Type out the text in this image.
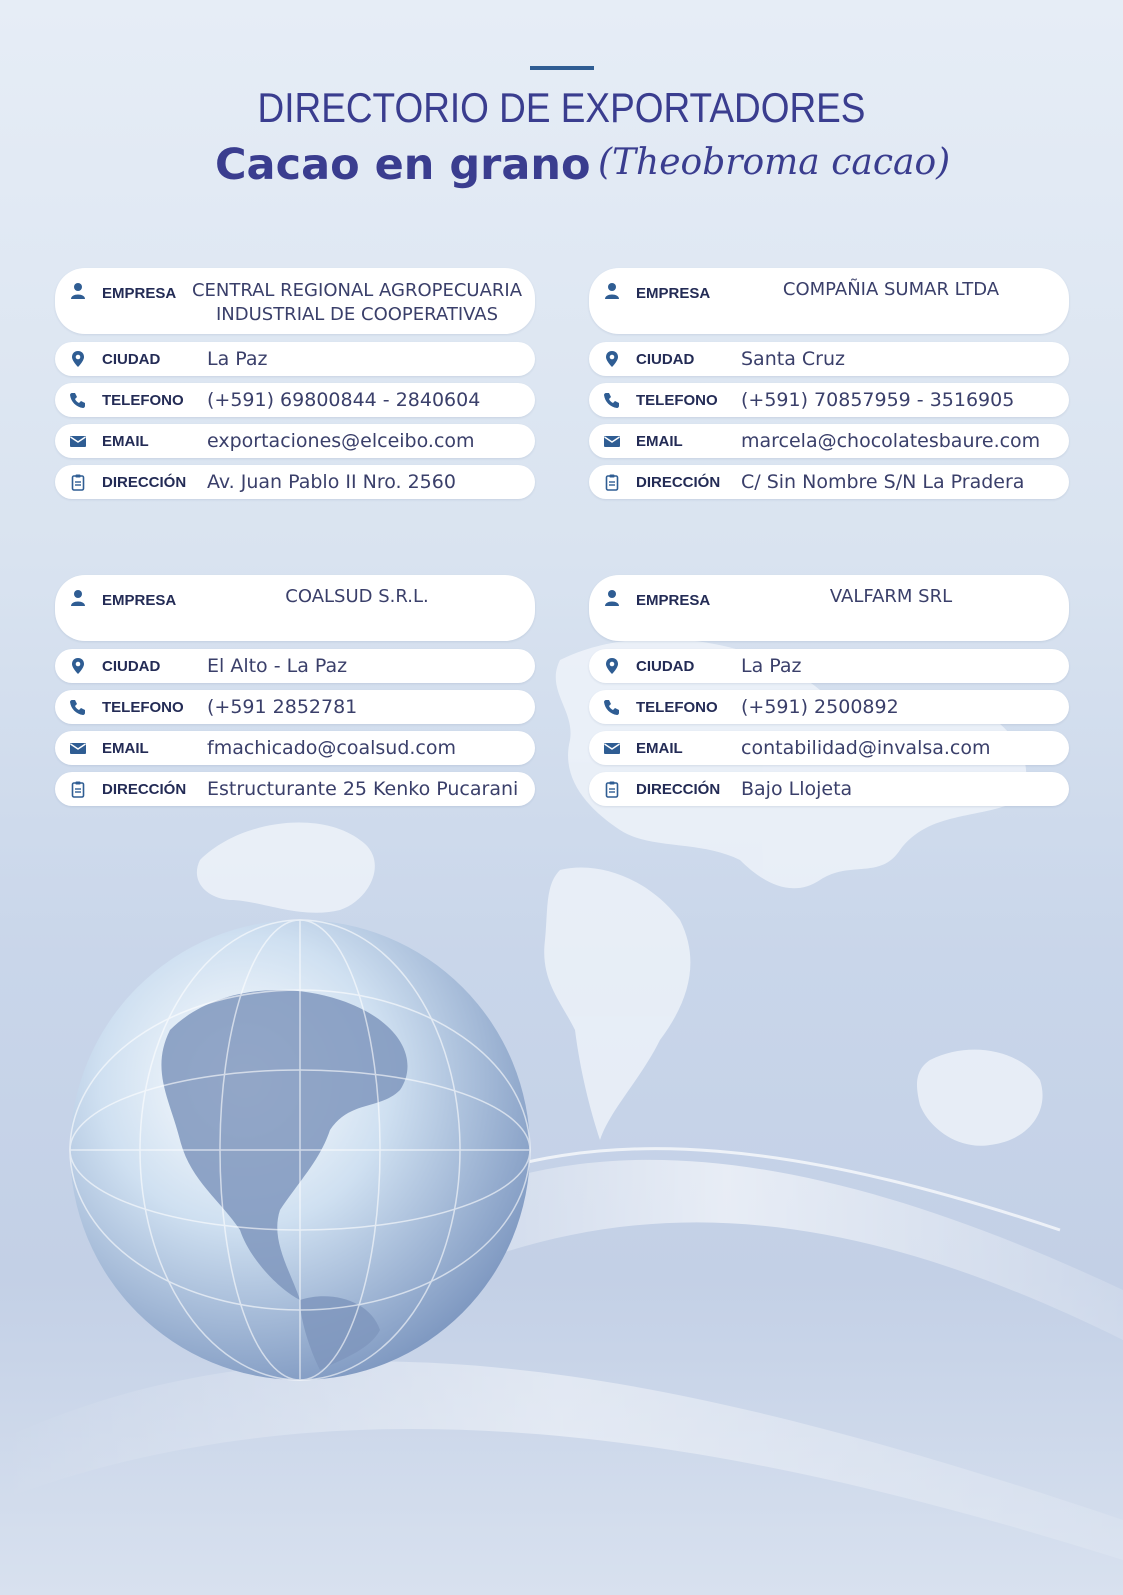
DIRECTORIO DE EXPORTADORES
Cacao en grano (Theobroma cacao)
EMPRESA CENTRAL REGIONAL AGROPECUARIA
INDUSTRIAL DE COOPERATIVAS
CIUDAD La Paz
TELEFONO (+591) 69800844 - 2840604
EMAIL	exportaciones@elceibo.com
DIRECCIÓN Av. Juan Pablo II Nro. 2560
EMPRESA	COMPAÑIA SUMAR LTDA
CIUDAD Santa Cruz
TELEFONO (+591) 70857959 - 3516905
EMAIL	marcela@chocolatesbaure.com
DIRECCIÓN C/ Sin Nombre S/N La Pradera
EMPRESA	COALSUD S.R.L.
CIUDAD El Alto - La Paz
TELEFONO (+591 2852781
EMAIL	fmachicado@coalsud.com
DIRECCIÓN Estructurante 25 Kenko Pucarani
EMPRESA	VALFARM SRL
CIUDAD La Paz
TELEFONO (+591) 2500892
EMAIL	contabilidad@invalsa.com
DIRECCIÓN Bajo Llojeta
